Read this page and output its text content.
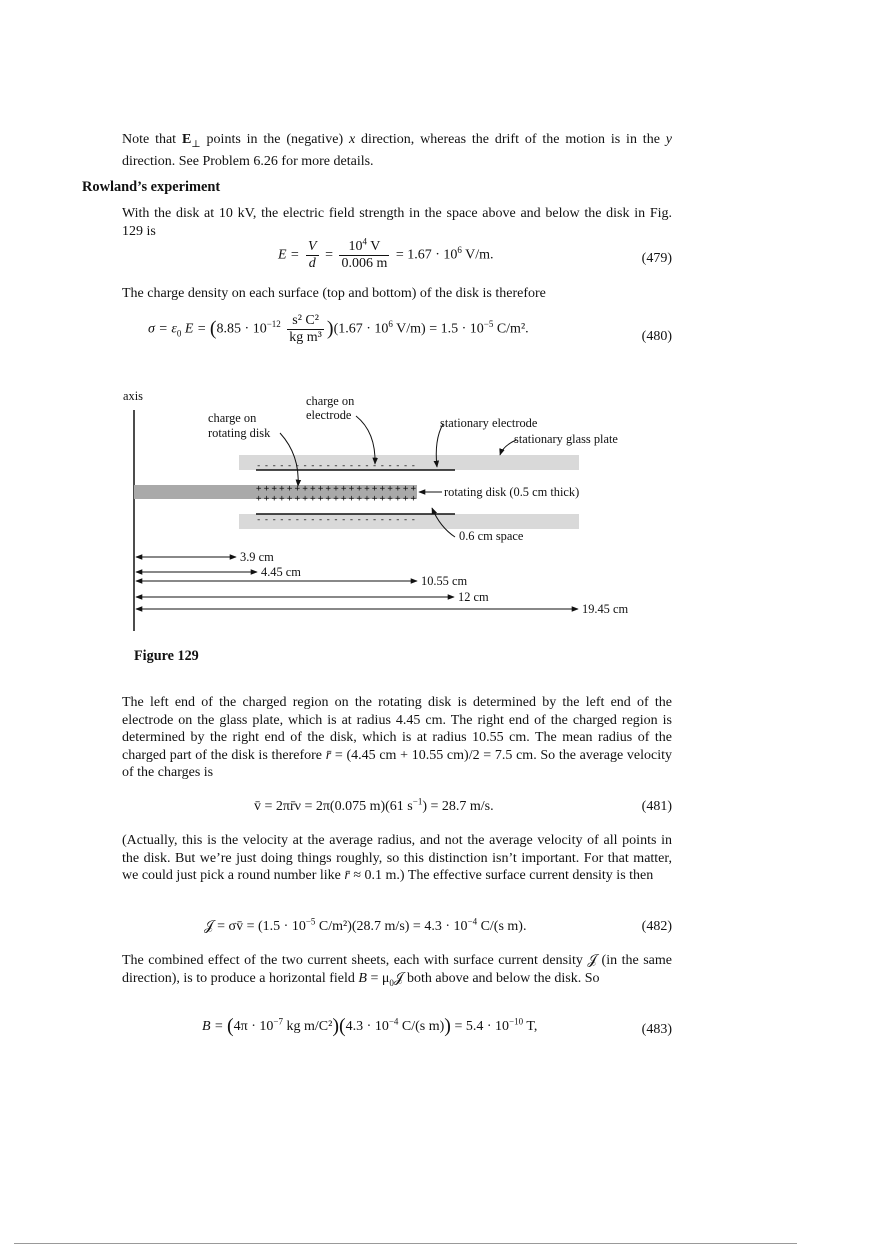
Note that $E_\perp$ points in the (negative) x direction, whereas the drift of the motion is in the y direction. See Problem 6.26 for more details.
Rowland’s experiment
With the disk at 10 kV, the electric field strength in the space above and below the disk in Fig. 129 is
$E = \frac{V}{d} = \frac{10^4 V}{0.006 m} = 1.67 \cdot 10^6$ V/m.	(479)
The charge density on each surface (top and bottom) of the disk is therefore
$\sigma = \varepsilon_0$ $E = (8.85 \cdot 10^{-12} \frac{\text{s² C²}}{\text{kg m³}} )(1.67 \cdot 10^6$ $V/m) = 1.5 \cdot 10^{-5}$ C/m².	(480)
axis
- - - - - - - - - - - - - - - - - - - - -
- - - - - - - - - - - - - - - - - - - - -
+++++++++++++++++++++
+++++++++++++++++++++
charge on
electrode
charge on
rotating disk
stationary electrode
stationary glass plate
rotating disk (0.5 cm thick)
0.6 cm space
3.9 cm
4.45 cm
10.55 cm
12 cm
19.45 cm
Figure 129
The left end of the charged region on the rotating disk is determined by the left end of the electrode on the glass plate, which is at radius 4.45 cm. The right end of the charged region is determined by the right end of the disk, which is at radius 10.55 cm. The mean radius of the charged part of the disk is therefore r̄ = (4.45 cm + 10.55 cm)/2 = 7.5 cm. So the average velocity of the charges is
v̄ = 2πr̄ν = 2π(0.075 m)(61 $s^{-1}) = 28.7$ m/s.	(481)
(Actually, this is the velocity at the average radius, and not the average velocity of all points in the disk. But we’re just doing things roughly, so this distinction isn’t important. For that matter, we could just pick a round number like r̄ ≈ 0.1 m.) The effective surface current density is then
𝒥 = σv̄ = ($1.5 \cdot 10^{-5}$ C/m²)(28.7 $m/s) = 4.3 \cdot 10^{-4}$ C/(s m).	(482)
The combined effect of the two current sheets, each with surface current density 𝒥 (in the same direction), is to produce a horizontal field $B = \mu_0𝒥$ both above and below the disk. So
$B = (4\pi \cdot 10^{-7}$ kg $m/C^2)(4.3 \cdot 10^{-4}$ C/(s $m)) = 5.4 \cdot 10^{-10}$ T,	(483)
